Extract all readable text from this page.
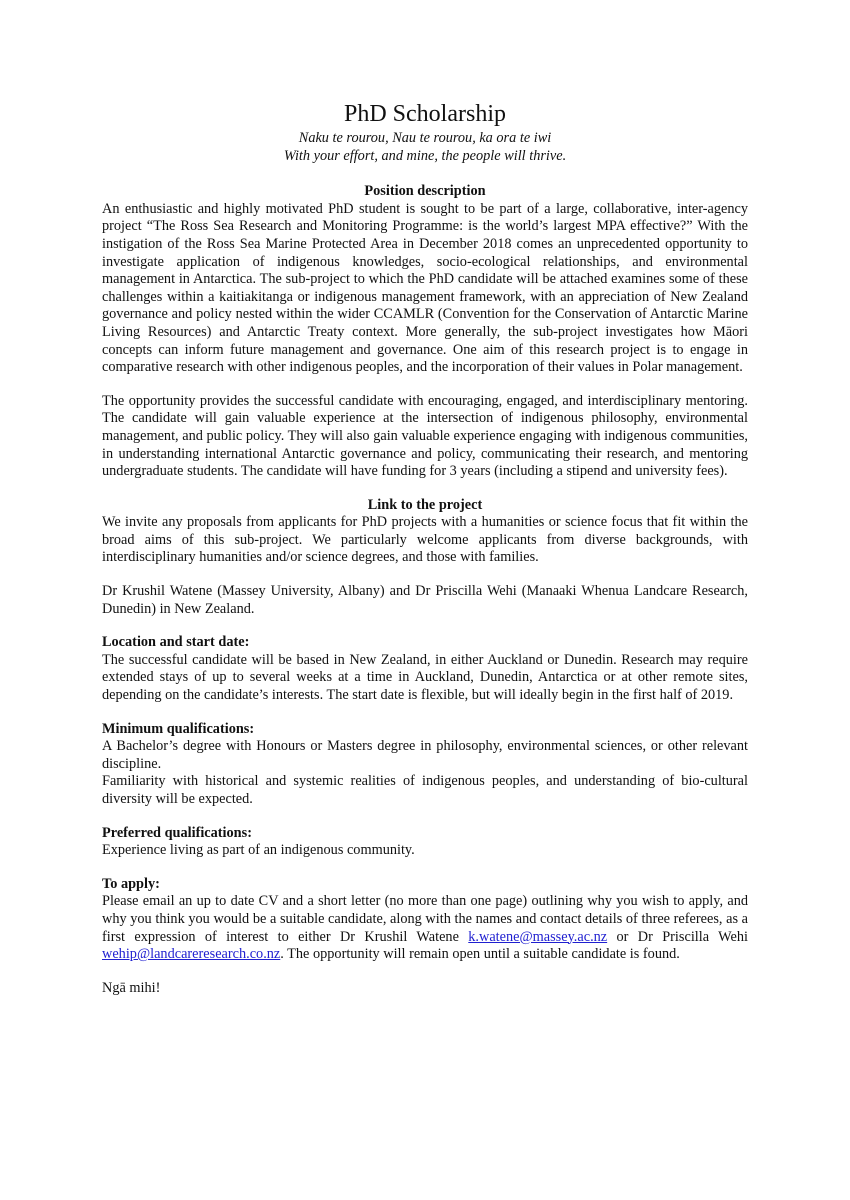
PhD Scholarship

Naku te rourou, Nau te rourou, ka ora te iwi

With your effort, and mine, the people will thrive.

Position description

An enthusiastic and highly motivated PhD student is sought to be part of a large, collaborative, inter-agency project “The Ross Sea Research and Monitoring Programme: is the world’s largest MPA effective?” With the instigation of the Ross Sea Marine Protected Area in December 2018 comes an unprecedented opportunity to investigate application of indigenous knowledges, socio-ecological relationships, and environmental management in Antarctica. The sub-project to which the PhD candidate will be attached examines some of these challenges within a kaitiakitanga or indigenous management framework, with an appreciation of New Zealand governance and policy nested within the wider CCAMLR (Convention for the Conservation of Antarctic Marine Living Resources) and Antarctic Treaty context. More generally, the sub-project investigates how Māori concepts can inform future management and governance. One aim of this research project is to engage in comparative research with other indigenous peoples, and the incorporation of their values in Polar management.

The opportunity provides the successful candidate with encouraging, engaged, and interdisciplinary mentoring. The candidate will gain valuable experience at the intersection of indigenous philosophy, environmental management, and public policy. They will also gain valuable experience engaging with indigenous communities, in understanding international Antarctic governance and policy, communicating their research, and mentoring undergraduate students. The candidate will have funding for 3 years (including a stipend and university fees).

Link to the project

We invite any proposals from applicants for PhD projects with a humanities or science focus that fit within the broad aims of this sub-project. We particularly welcome applicants from diverse backgrounds, with interdisciplinary humanities and/or science degrees, and those with families.

Dr Krushil Watene (Massey University, Albany) and Dr Priscilla Wehi (Manaaki Whenua Landcare Research, Dunedin) in New Zealand.

Location and start date:

The successful candidate will be based in New Zealand, in either Auckland or Dunedin. Research may require extended stays of up to several weeks at a time in Auckland, Dunedin, Antarctica or at other remote sites, depending on the candidate’s interests. The start date is flexible, but will ideally begin in the first half of 2019.

Minimum qualifications:

A Bachelor’s degree with Honours or Masters degree in philosophy, environmental sciences, or other relevant discipline.

Familiarity with historical and systemic realities of indigenous peoples, and understanding of bio-cultural diversity will be expected.

Preferred qualifications:

Experience living as part of an indigenous community.

To apply:

Please email an up to date CV and a short letter (no more than one page) outlining why you wish to apply, and why you think you would be a suitable candidate, along with the names and contact details of three referees, as a first expression of interest to either Dr Krushil Watene k.watene@massey.ac.nz or Dr Priscilla Wehi wehip@landcareresearch.co.nz. The opportunity will remain open until a suitable candidate is found.

Ngā mihi!
